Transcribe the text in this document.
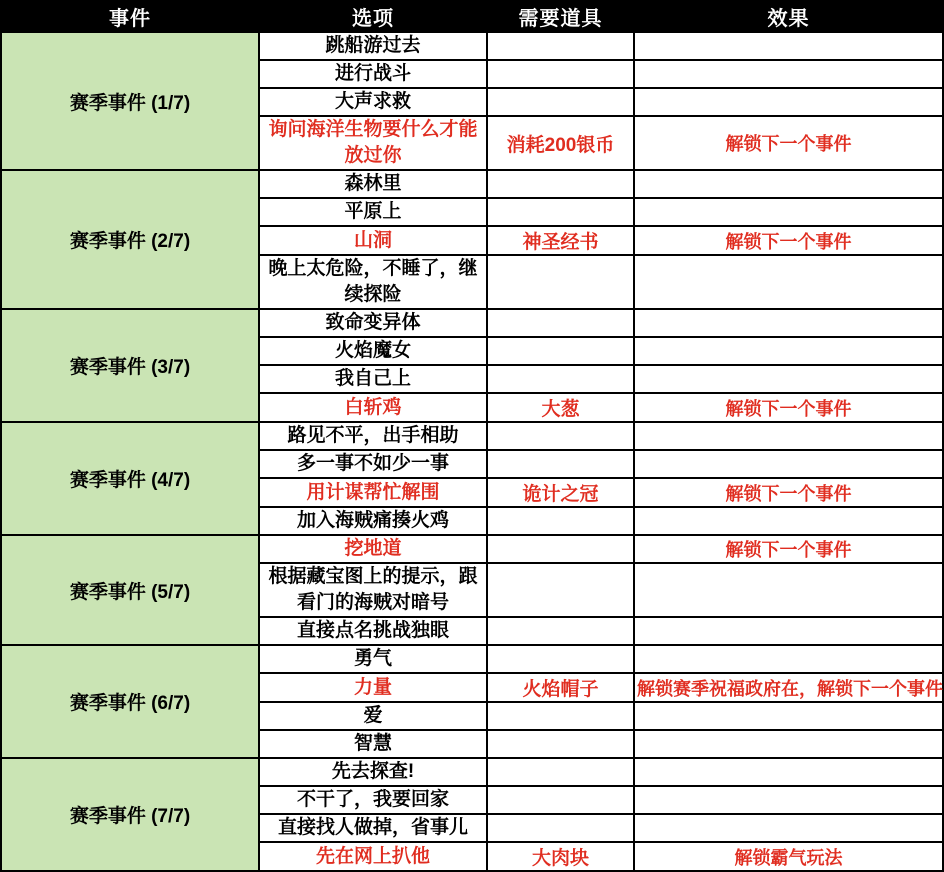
事件	选项	需要道具	效果
赛季事件 (1/7)	跳船游过去		
	进行战斗		
	大声求救		
	询问海洋生物要什么才能放过你	消耗200银币	解锁下一个事件
赛季事件 (2/7)	森林里		
	平原上		
	山洞	神圣经书	解锁下一个事件
	晚上太危险，不睡了，继续探险		
赛季事件 (3/7)	致命变异体		
	火焰魔女		
	我自己上		
	白斩鸡	大葱	解锁下一个事件
赛季事件 (4/7)	路见不平，出手相助		
	多一事不如少一事		
	用计谋帮忙解围	诡计之冠	解锁下一个事件
	加入海贼痛揍火鸡		
赛季事件 (5/7)	挖地道		解锁下一个事件
	根据藏宝图上的提示，跟看门的海贼对暗号		
	直接点名挑战独眼		
赛季事件 (6/7)	勇气		
	力量	火焰帽子	解锁赛季祝福政府在，解锁下一个事件
	爱		
	智慧		
赛季事件 (7/7)	先去探查!		
	不干了，我要回家		
	直接找人做掉，省事儿		
	先在网上扒他	大肉块	解锁霸气玩法
